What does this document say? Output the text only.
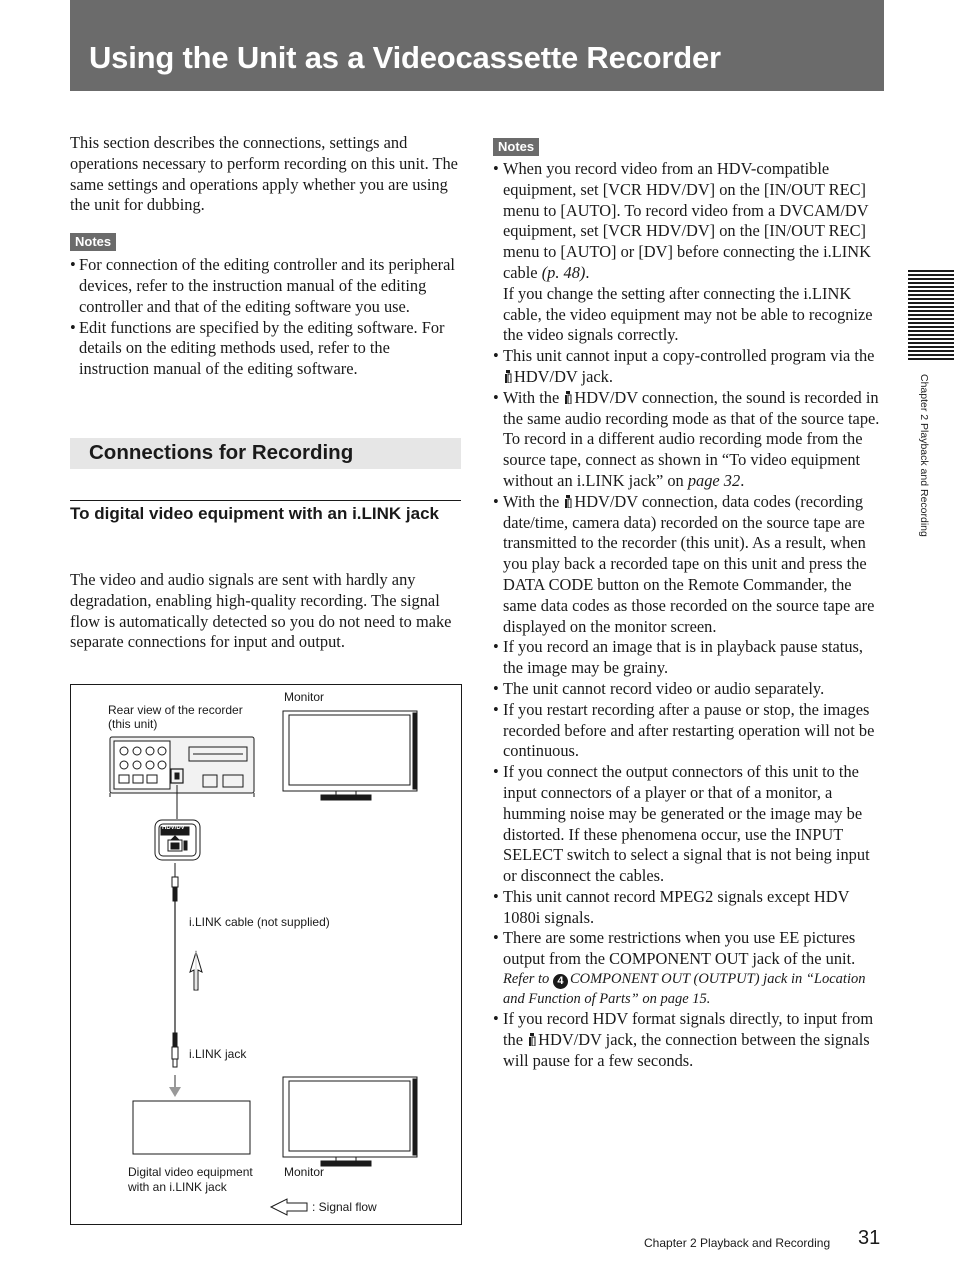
Using the Unit as a Videocassette Recorder

This section describes the connections, settings and operations necessary to perform recording on this unit. The same settings and operations apply whether you are using the unit for dubbing.

Notes
• For connection of the editing controller and its peripheral devices, refer to the instruction manual of the editing controller and that of the editing software you use.
• Edit functions are specified by the editing software. For details on the editing methods used, refer to the instruction manual of the editing software.
Connections for Recording
To digital video equipment with an i.LINK jack

The video and audio signals are sent with hardly any degradation, enabling high-quality recording. The signal flow is automatically detected so you do not need to make separate connections for input and output.

Monitor
Rear view of the recorder
(this unit)
HDV/DV
i.LINK cable (not supplied)
i.LINK jack
Digital video equipment
with an i.LINK jack
Monitor
: Signal flow
Notes
• When you record video from an HDV-compatible equipment, set [VCR HDV/DV] on the [IN/OUT REC] menu to [AUTO]. To record video from a DVCAM/DV equipment, set [VCR HDV/DV] on the [IN/OUT REC] menu to [AUTO] or [DV] before connecting the i.LINK cable (p. 48).
If you change the setting after connecting the i.LINK cable, the video equipment may not be able to recognize the video signals correctly.
• This unit cannot input a copy-controlled program via the HDV/DV jack.
• With the HDV/DV connection, the sound is recorded in the same audio recording mode as that of the source tape. To record in a different audio recording mode from the source tape, connect as shown in “To video equipment without an i.LINK jack” on page 32.
• With the HDV/DV connection, data codes (recording date/time, camera data) recorded on the source tape are transmitted to the recorder (this unit). As a result, when you play back a recorded tape on this unit and press the DATA CODE button on the Remote Commander, the same data codes as those recorded on the source tape are displayed on the monitor screen.
• If you record an image that is in playback pause status, the image may be grainy.
• The unit cannot record video or audio separately.
• If you restart recording after a pause or stop, the images recorded before and after restarting operation will not be continuous.
• If you connect the output connectors of this unit to the input connectors of a player or that of a monitor, a humming noise may be generated or the image may be distorted. If these phenomena occur, use the INPUT SELECT switch to select a signal that is not being input or disconnect the cables.
• This unit cannot record MPEG2 signals except HDV 1080i signals.
• There are some restrictions when you use EE pictures output from the COMPONENT OUT jack of the unit.
Refer to 4 COMPONENT OUT (OUTPUT) jack in “Location and Function of Parts” on page 15.
• If you record HDV format signals directly, to input from the HDV/DV jack, the connection between the signals will pause for a few seconds.
Chapter 2 Playback and Recording
Chapter 2 Playback and Recording 31
